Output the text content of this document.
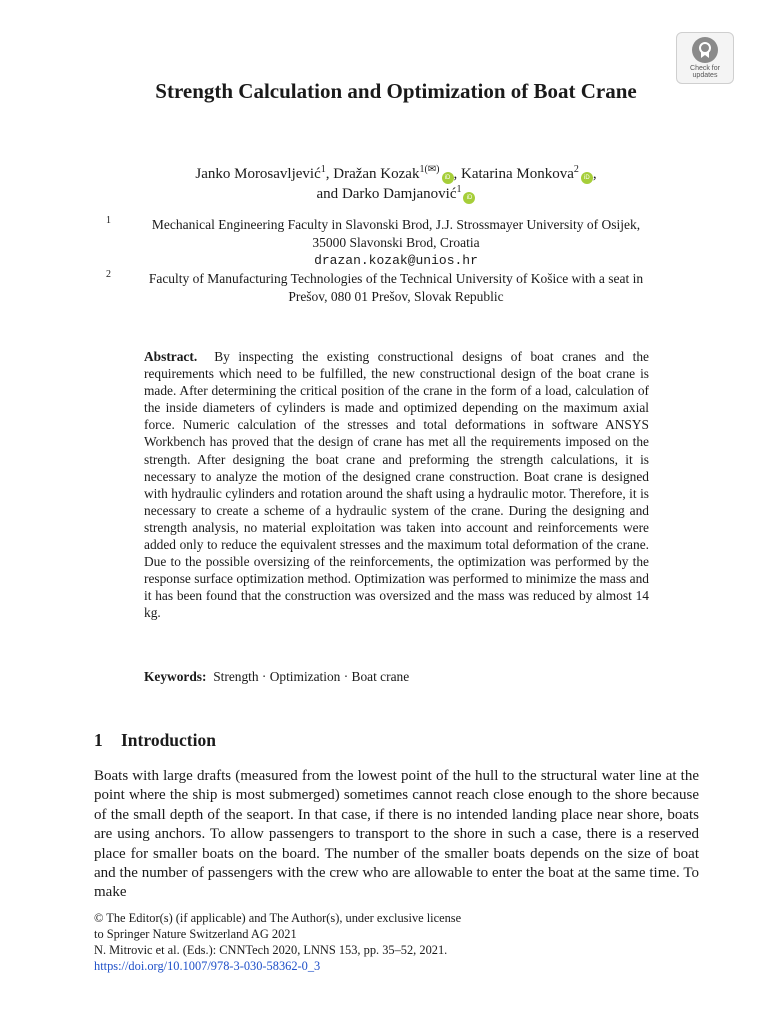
Check for
updates
Strength Calculation and Optimization of Boat Crane
Janko Morosavljević$^1$, Dražan Kozak$^{1(✉)}$iD , Katarina Monkova$^2$iD ,
and Darko Damjanović$^1$iD
1	Mechanical Engineering Faculty in Slavonski Brod, J.J. Strossmayer University of Osijek,
35000 Slavonski Brod, Croatia
drazan.kozak@unios.hr
2	Faculty of Manufacturing Technologies of the Technical University of Košice with a seat in
Prešov, 080 01 Prešov, Slovak Republic
Abstract. By inspecting the existing constructional designs of boat cranes and the requirements which need to be fulfilled, the new constructional design of the boat crane is made. After determining the critical position of the crane in the form of a load, calculation of the inside diameters of cylinders is made and optimized depending on the maximum axial force. Numeric calculation of the stresses and total deformations in software ANSYS Workbench has proved that the design of crane has met all the requirements imposed on the strength. After designing the boat crane and preforming the strength calculations, it is necessary to analyze the motion of the designed crane construction. Boat crane is designed with hydraulic cylinders and rotation around the shaft using a hydraulic motor. Therefore, it is necessary to create a scheme of a hydraulic system of the crane. During the designing and strength analysis, no material exploitation was taken into account and reinforcements were added only to reduce the equivalent stresses and the maximum total deformation of the crane. Due to the possible oversizing of the reinforcements, the optimization was performed by the response surface optimization method. Optimization was performed to minimize the mass and it has been found that the construction was oversized and the mass was reduced by almost 14 kg.
Keywords: Strength · Optimization · Boat crane
1 Introduction
Boats with large drafts (measured from the lowest point of the hull to the structural water line at the point where the ship is most submerged) sometimes cannot reach close enough to the shore because of the small depth of the seaport. In that case, if there is no intended landing place near shore, boats are using anchors. To allow passengers to transport to the shore in such a case, there is a reserved place for smaller boats on the board. The number of the smaller boats depends on the size of boat and the number of passengers with the crew who are allowable to enter the boat at the same time. To make
© The Editor(s) (if applicable) and The Author(s), under exclusive license
to Springer Nature Switzerland AG 2021
N. Mitrovic et al. (Eds.): CNNTech 2020, LNNS 153, pp. 35–52, 2021.
https://doi.org/10.1007/978-3-030-58362-0_3
